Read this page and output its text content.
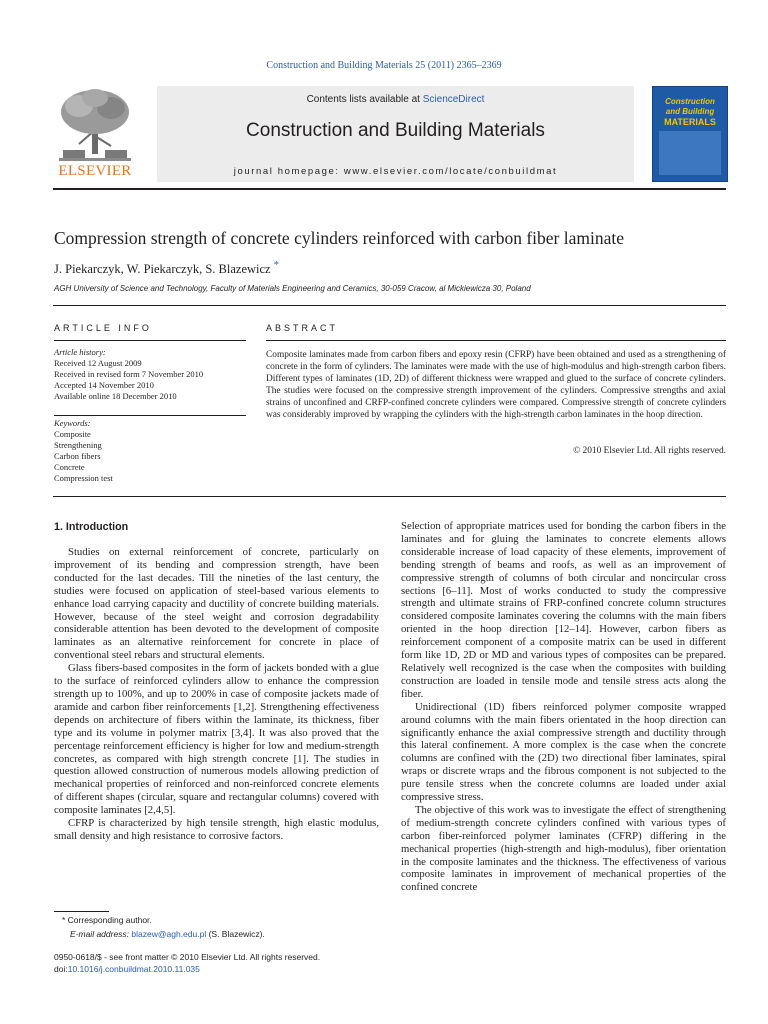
Construction and Building Materials 25 (2011) 2365–2369
ELSEVIER
Contents lists available at ScienceDirect
Construction and Building Materials
journal homepage: www.elsevier.com/locate/conbuildmat
Construction
and Building
MATERIALS
Compression strength of concrete cylinders reinforced with carbon fiber laminate
J. Piekarczyk, W. Piekarczyk, S. Blazewicz *
AGH University of Science and Technology, Faculty of Materials Engineering and Ceramics, 30-059 Cracow, al Mickiewicza 30, Poland
ARTICLE INFO
Article history:
Received 12 August 2009
Received in revised form 7 November 2010
Accepted 14 November 2010
Available online 18 December 2010
Keywords:
Composite
Strengthening
Carbon fibers
Concrete
Compression test
ABSTRACT
Composite laminates made from carbon fibers and epoxy resin (CFRP) have been obtained and used as a strengthening of concrete in the form of cylinders. The laminates were made with the use of high-modulus and high-strength carbon fibers. Different types of laminates (1D, 2D) of different thickness were wrapped and glued to the surface of concrete cylinders. The studies were focused on the compressive strength improvement of the cylinders. Compressive strengths and axial strains of unconfined and CRFP-confined concrete cylinders were compared. Compressive strength of concrete cylinders was considerably improved by wrapping the cylinders with the high-strength carbon laminates in the hoop direction.
© 2010 Elsevier Ltd. All rights reserved.
1. Introduction

Studies on external reinforcement of concrete, particularly on improvement of its bending and compression strength, have been conducted for the last decades. Till the nineties of the last century, the studies were focused on application of steel-based various elements to enhance load carrying capacity and ductility of concrete building materials. However, because of the steel weight and corrosion degradability considerable attention has been devoted to the development of composite laminates as an alternative reinforcement for concrete in place of conventional steel rebars and structural elements.

Glass fibers-based composites in the form of jackets bonded with a glue to the surface of reinforced cylinders allow to enhance the compression strength up to 100%, and up to 200% in case of composite jackets made of aramide and carbon fiber reinforcements [1,2]. Strengthening effectiveness depends on architecture of fibers within the laminate, its thickness, fiber type and its volume in polymer matrix [3,4]. It was also proved that the percentage reinforcement efficiency is higher for low and medium-strength concretes, as compared with high strength concrete [1]. The studies in question allowed construction of numerous models allowing prediction of mechanical properties of reinforced and non-reinforced concrete elements of different shapes (circular, square and rectangular columns) covered with composite laminates [2,4,5].

CFRP is characterized by high tensile strength, high elastic modulus, small density and high resistance to corrosive factors.

Selection of appropriate matrices used for bonding the carbon fibers in the laminates and for gluing the laminates to concrete elements allows considerable increase of load capacity of these elements, improvement of bending strength of beams and roofs, as well as an improvement of compressive strength of columns of both circular and noncircular cross sections [6–11]. Most of works conducted to study the compressive strength and ultimate strains of FRP-confined concrete column structures considered composite laminates covering the columns with the main fibers oriented in the hoop direction [12–14]. However, carbon fibers as reinforcement component of a composite matrix can be used in different form like 1D, 2D or MD and various types of composites can be prepared. Relatively well recognized is the case when the composites with building construction are loaded in tensile mode and tensile stress acts along the fiber.

Unidirectional (1D) fibers reinforced polymer composite wrapped around columns with the main fibers orientated in the hoop direction can significantly enhance the axial compressive strength and ductility through this lateral confinement. A more complex is the case when the concrete columns are confined with the (2D) two directional fiber laminates, spiral wraps or discrete wraps and the fibrous component is not subjected to the pure tensile stress when the concrete columns are loaded under axial compressive stress.

The objective of this work was to investigate the effect of strengthening of medium-strength concrete cylinders confined with various types of carbon fiber-reinforced polymer laminates (CFRP) differing in the mechanical properties (high-strength and high-modulus), fiber orientation in the composite laminates and the thickness. The effectiveness of various composite laminates in improvement of mechanical properties of the confined concrete

* Corresponding author.
E-mail address: blazew@agh.edu.pl (S. Blazewicz).
0950-0618/$ - see front matter © 2010 Elsevier Ltd. All rights reserved.
doi:10.1016/j.conbuildmat.2010.11.035
